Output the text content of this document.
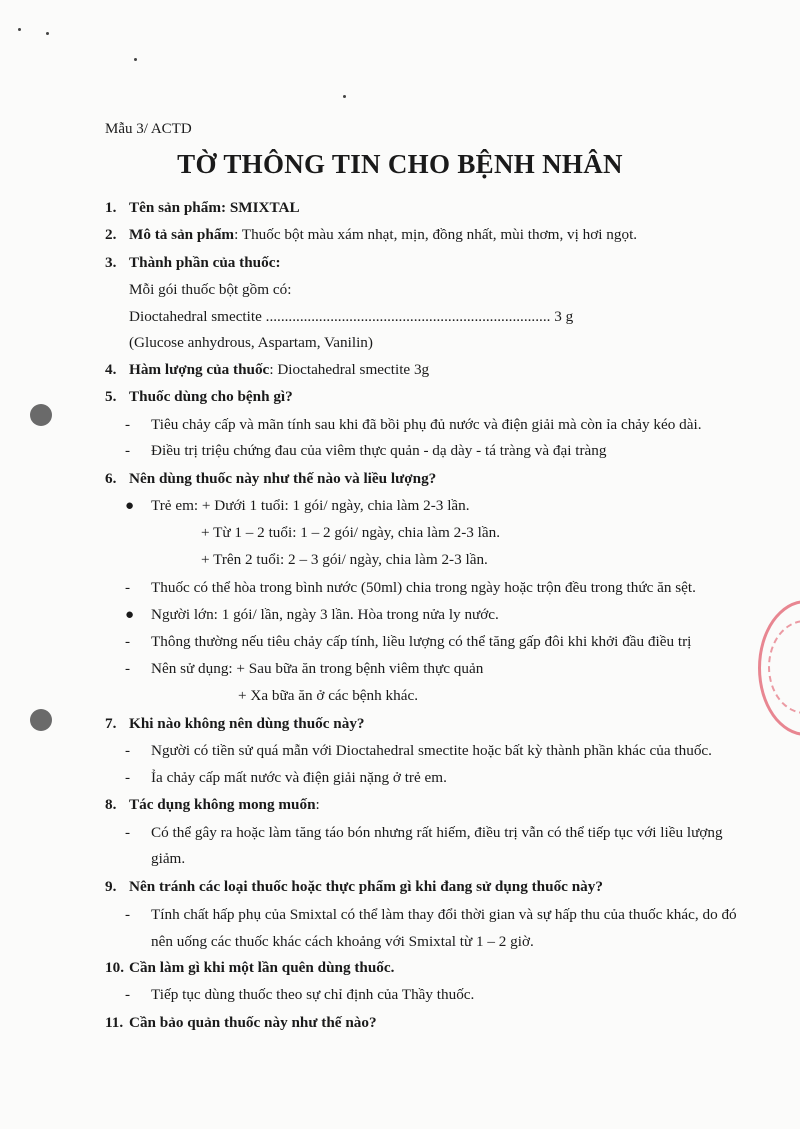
Mẫu 3/ ACTD
TỜ THÔNG TIN CHO BỆNH NHÂN
1. Tên sản phẩm: SMIXTAL
2. Mô tả sản phẩm: Thuốc bột màu xám nhạt, mịn, đồng nhất, mùi thơm, vị hơi ngọt.
3. Thành phần của thuốc:
Mỗi gói thuốc bột gồm có:
Dioctahedral smectite ........................................................................... 3 g
(Glucose anhydrous, Aspartam, Vanilin)
4. Hàm lượng của thuốc: Dioctahedral smectite 3g
5. Thuốc dùng cho bệnh gì?
- Tiêu chảy cấp và mãn tính sau khi đã bồi phụ đủ nước và điện giải mà còn ỉa chảy kéo dài.
- Điều trị triệu chứng đau của viêm thực quản - dạ dày - tá tràng và đại tràng
6. Nên dùng thuốc này như thế nào và liều lượng?
● Trẻ em: + Dưới 1 tuổi: 1 gói/ ngày, chia làm 2-3 lần.
+ Từ 1 – 2 tuổi: 1 – 2 gói/ ngày, chia làm 2-3 lần.
+ Trên 2 tuổi: 2 – 3 gói/ ngày, chia làm 2-3 lần.
- Thuốc có thể hòa trong bình nước (50ml) chia trong ngày hoặc trộn đều trong thức ăn sệt.
● Người lớn: 1 gói/ lần, ngày 3 lần. Hòa trong nửa ly nước.
- Thông thường nếu tiêu chảy cấp tính, liều lượng có thể tăng gấp đôi khi khởi đầu điều trị
- Nên sử dụng: + Sau bữa ăn trong bệnh viêm thực quản
+ Xa bữa ăn ở các bệnh khác.
7. Khi nào không nên dùng thuốc này?
- Người có tiền sử quá mẫn với Dioctahedral smectite hoặc bất kỳ thành phần khác của thuốc.
- Ỉa chảy cấp mất nước và điện giải nặng ở trẻ em.
8. Tác dụng không mong muốn:
- Có thể gây ra hoặc làm tăng táo bón nhưng rất hiếm, điều trị vẫn có thể tiếp tục với liều lượng
giảm.
9. Nên tránh các loại thuốc hoặc thực phẩm gì khi đang sử dụng thuốc này?
- Tính chất hấp phụ của Smixtal có thể làm thay đổi thời gian và sự hấp thu của thuốc khác, do đó
nên uống các thuốc khác cách khoảng với Smixtal từ 1 – 2 giờ.
10. Cần làm gì khi một lần quên dùng thuốc.
- Tiếp tục dùng thuốc theo sự chỉ định của Thầy thuốc.
11. Cần bảo quản thuốc này như thế nào?
